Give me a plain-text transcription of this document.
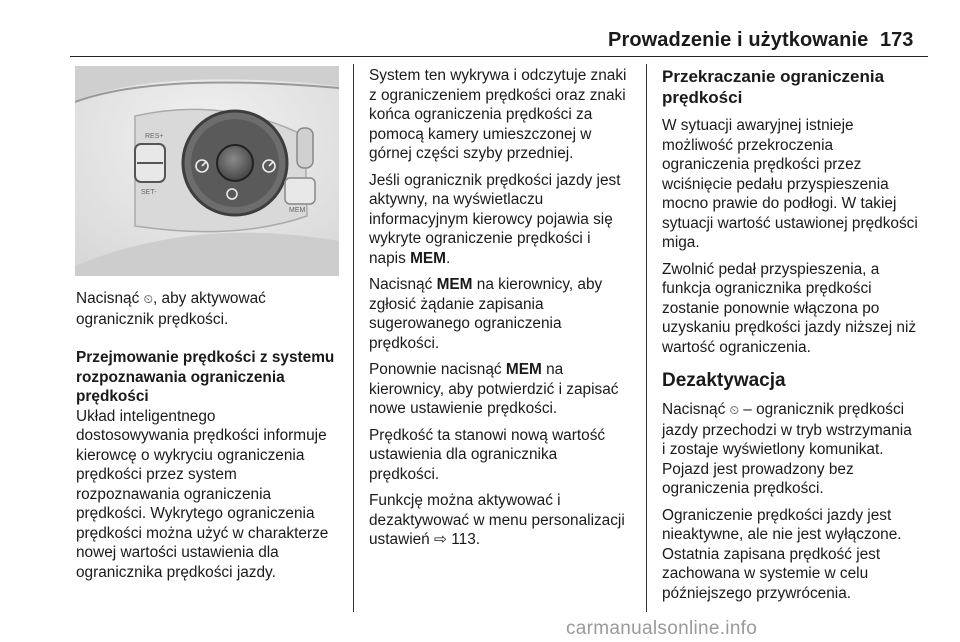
Prowadzenie i użytkowanie 173
RES+
SET-
MEM

Nacisnąć ⏲, aby aktywować
ogranicznik prędkości.

Przejmowanie prędkości z systemu
rozpoznawania ograniczenia
prędkości

Układ inteligentnego
dostosowywania prędkości informuje
kierowcę o wykryciu ograniczenia
prędkości przez system
rozpoznawania ograniczenia
prędkości. Wykrytego ograniczenia
prędkości można użyć w charakterze
nowej wartości ustawienia dla
ogranicznika prędkości jazdy.

System ten wykrywa i odczytuje znaki
z ograniczeniem prędkości oraz znaki
końca ograniczenia prędkości za
pomocą kamery umieszczonej w
górnej części szyby przedniej.

Jeśli ogranicznik prędkości jazdy jest
aktywny, na wyświetlaczu
informacyjnym kierowcy pojawia się
wykryte ograniczenie prędkości i
napis MEM.

Nacisnąć MEM na kierownicy, aby
zgłosić żądanie zapisania
sugerowanego ograniczenia
prędkości.

Ponownie nacisnąć MEM na
kierownicy, aby potwierdzić i zapisać
nowe ustawienie prędkości.

Prędkość ta stanowi nową wartość
ustawienia dla ogranicznika
prędkości.

Funkcję można aktywować i
dezaktywować w menu personalizacji
ustawień ⇨ 113.

Przekraczanie ograniczenia
prędkości

W sytuacji awaryjnej istnieje
możliwość przekroczenia
ograniczenia prędkości przez
wciśnięcie pedału przyspieszenia
mocno prawie do podłogi. W takiej
sytuacji wartość ustawionej prędkości
miga.

Zwolnić pedał przyspieszenia, a
funkcja ogranicznika prędkości
zostanie ponownie włączona po
uzyskaniu prędkości jazdy niższej niż
wartość ograniczenia.

Dezaktywacja

Nacisnąć ⏲ – ogranicznik prędkości
jazdy przechodzi w tryb wstrzymania
i zostaje wyświetlony komunikat.
Pojazd jest prowadzony bez
ograniczenia prędkości.

Ograniczenie prędkości jazdy jest
nieaktywne, ale nie jest wyłączone.
Ostatnia zapisana prędkość jest
zachowana w systemie w celu
późniejszego przywrócenia.

carmanualsonline.info
